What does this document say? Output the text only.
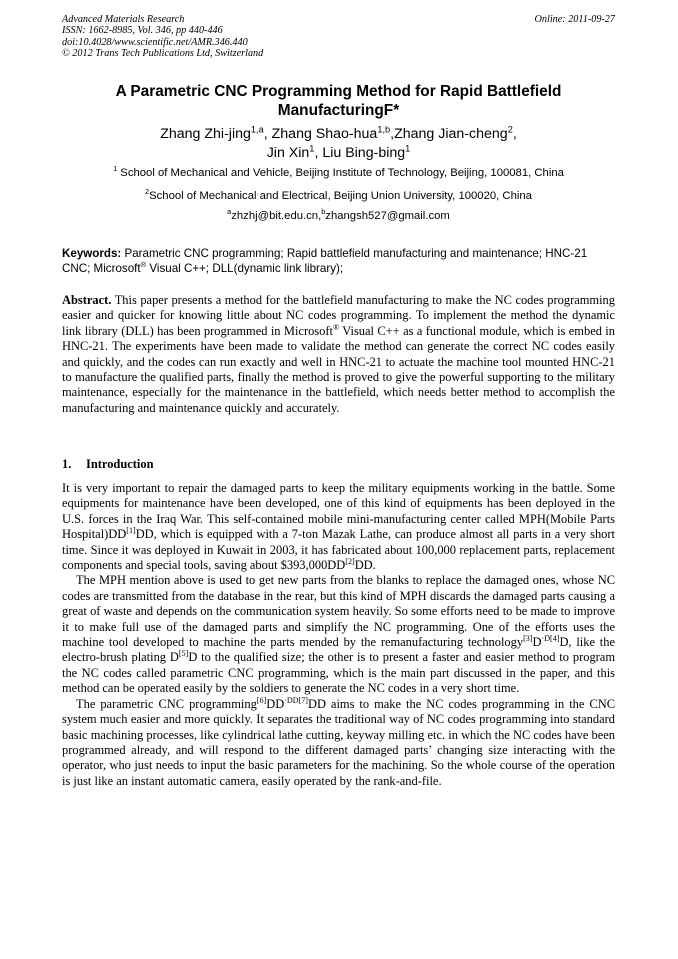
Advanced Materials Research
ISSN: 1662-8985, Vol. 346, pp 440-446
doi:10.4028/www.scientific.net/AMR.346.440
© 2012 Trans Tech Publications Ltd, Switzerland
Online: 2011-09-27
A Parametric CNC Programming Method for Rapid Battlefield
ManufacturingF*
Zhang Zhi-jing$^{1,a}$, Zhang Shao-hua$^{1,b}$,Zhang Jian-cheng$^2$,
Jin Xin$^1$, Liu Bing-bing$^1$
$^1$ School of Mechanical and Vehicle, Beijing Institute of Technology, Beijing, 100081, China
$^2$School of Mechanical and Electrical, Beijing Union University, 100020, China
$^a$zhzhj@bit.edu.cn,$^b$zhangsh527@gmail.com
Keywords: Parametric CNC programming; Rapid battlefield manufacturing and maintenance; HNC-21 CNC; Microsoft® Visual C++; DLL(dynamic link library);

Abstract. This paper presents a method for the battlefield manufacturing to make the NC codes programming easier and quicker for knowing little about NC codes programming. To implement the method the dynamic link library (DLL) has been programmed in Microsoft® Visual C++ as a functional module, which is embed in HNC-21. The experiments have been made to validate the method can generate the correct NC codes easily and quickly, and the codes can run exactly and well in HNC-21 to actuate the machine tool mounted HNC-21 to manufacture the qualified parts, finally the method is proved to give the powerful supporting to the military maintenance, especially for the maintenance in the battlefield, which needs better method to accomplish the manufacturing and maintenance quickly and accurately.

1. Introduction

It is very important to repair the damaged parts to keep the military equipments working in the battle. Some equipments for maintenance have been developed, one of this kind of equipments has been deployed in the U.S. forces in the Iraq War. This self-contained mobile mini-manufacturing center called MPH(Mobile Parts Hospital)DD[1]DD, which is equipped with a 7-ton Mazak Lathe, can produce almost all parts in a very short time. Since it was deployed in Kuwait in 2003, it has fabricated about 100,000 replacement parts, replacement components and special tools, saving about $393,000DD[2]DD.

The MPH mention above is used to get new parts from the blanks to replace the damaged ones, whose NC codes are transmitted from the database in the rear, but this kind of MPH discards the damaged parts causing a great of waste and depends on the communication system heavily. So some efforts need to be made to improve it to make full use of the damaged parts and simplify the NC programming. One of the efforts uses the machine tool developed to machine the parts mended by the remanufacturing $technology[3]D^{\cdot D[4]}D$, like the electro-brush plating D[5]D to the qualified size; the other is to present a faster and easier method to program the NC codes called parametric CNC programming, which is the main part discussed in the paper, and this method can be operated easily by the soldiers to generate the NC codes in a very short time.

The parametric CNC $programming[6]DD^{\cdot DD[7]}DD$ aims to make the NC codes programming in the CNC system much easier and more quickly. It separates the traditional way of NC codes programming into standard basic machining processes, like cylindrical lathe cutting, keyway milling etc. in which the NC codes have been programmed already, and will respond to the different damaged parts’ changing size interacting with the operator, who just needs to input the basic parameters for the machining. So the whole course of the operation is just like an instant automatic camera, easily operated by the rank-and-file.
